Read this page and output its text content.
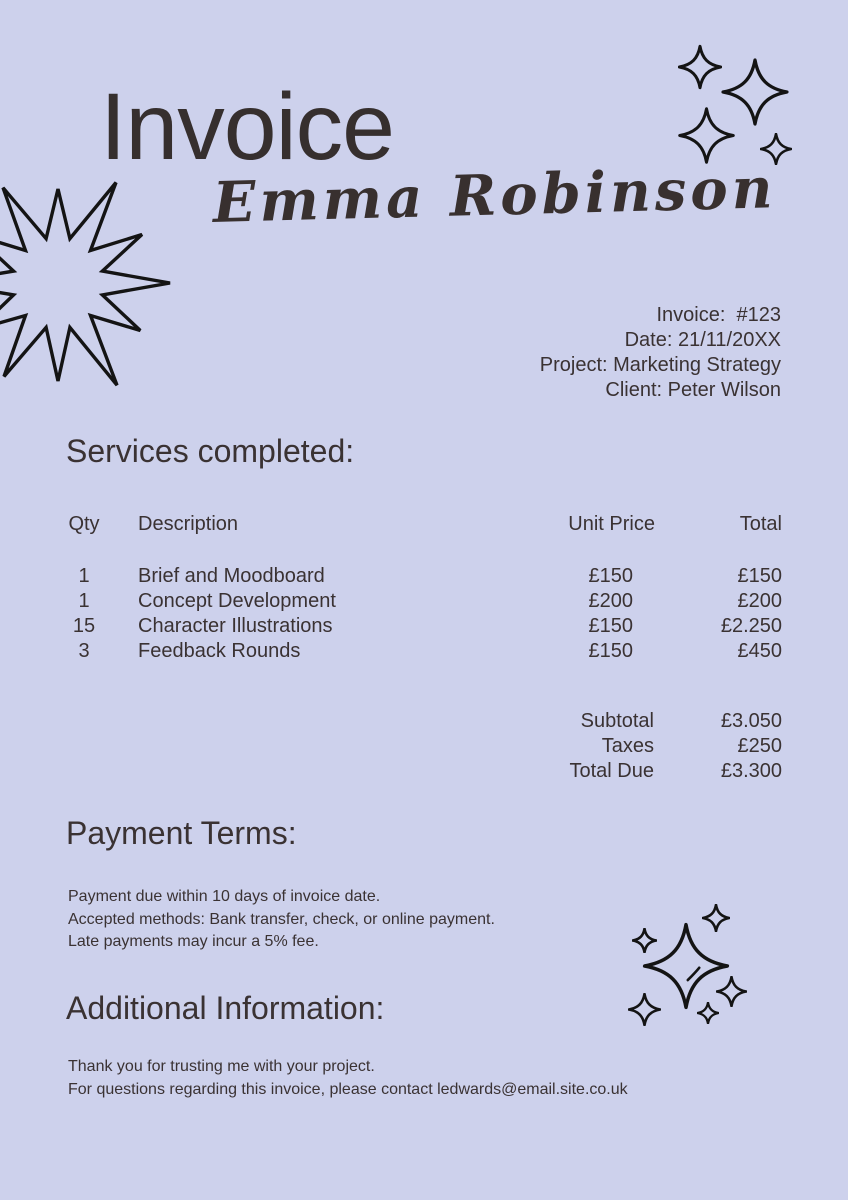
Invoice
Emma Robinson
Invoice:  #123
Date: 21/11/20XX
Project: Marketing Strategy
Client: Peter Wilson
Services completed:
Qty	Description	Unit Price	Total
1	Brief and Moodboard	£150	£150
1	Concept Development	£200	£200
15	Character Illustrations	£150	£2.250
3	Feedback Rounds	£150	£450
Subtotal	£3.050
Taxes	£250
Total Due	£3.300
Payment Terms:
Payment due within 10 days of invoice date.
Accepted methods: Bank transfer, check, or online payment.
Late payments may incur a 5% fee.
Additional Information:
Thank you for trusting me with your project.
For questions regarding this invoice, please contact ledwards@email.site.co.uk
